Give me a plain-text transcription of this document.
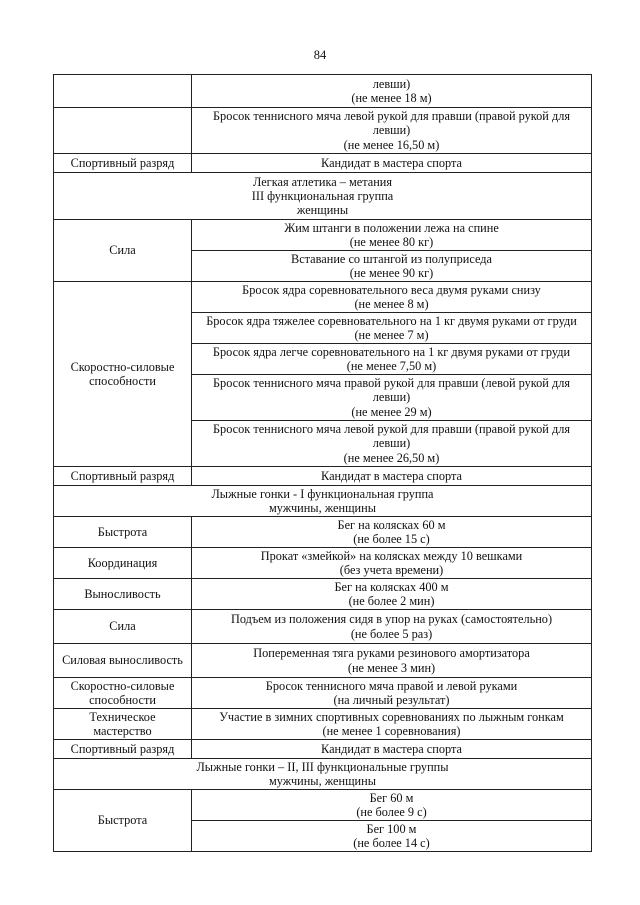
84

	левши)
(не менее 18 м)

	Бросок теннисного мяча левой рукой для правши (правой рукой для
левши)
(не менее 16,50 м)

Спортивный разряд	Кандидат в мастера спорта

Легкая атлетика – метания
III функциональная группа
женщины	

Сила	Жим штанги в положении лежа на спине
(не менее 80 кг)

	Вставание со штангой из полуприседа
(не менее 90 кг)

Скоростно-силовые
способности	Бросок ядра соревновательного веса двумя руками снизу
(не менее 8 м)

	Бросок ядра тяжелее соревновательного на 1 кг двумя руками от груди
(не менее 7 м)

	Бросок ядра легче соревновательного на 1 кг двумя руками от груди
(не менее 7,50 м)

	Бросок теннисного мяча правой рукой для правши (левой рукой для
левши)
(не менее 29 м)

	Бросок теннисного мяча левой рукой для правши (правой рукой для
левши)
(не менее 26,50 м)

Спортивный разряд	Кандидат в мастера спорта

Лыжные гонки - I функциональная группа
мужчины, женщины	

Быстрота	Бег на колясках 60 м
(не более 15 с)

Координация	Прокат «змейкой» на колясках между 10 вешками
(без учета времени)

Выносливость	Бег на колясках 400 м
(не более 2 мин)

Сила	Подъем из положения сидя в упор на руках (самостоятельно)
(не более 5 раз)

Силовая выносливость	Попеременная тяга руками резинового амортизатора
(не менее 3 мин)

Скоростно-силовые
способности	Бросок теннисного мяча правой и левой руками
(на личный результат)

Техническое
мастерство	Участие в зимних спортивных соревнованиях по лыжным гонкам
(не менее 1 соревнования)

Спортивный разряд	Кандидат в мастера спорта

Лыжные гонки – II, III функциональные группы
мужчины, женщины	

Быстрота	Бег 60 м
(не более 9 с)

	Бег 100 м
(не более 14 с)
